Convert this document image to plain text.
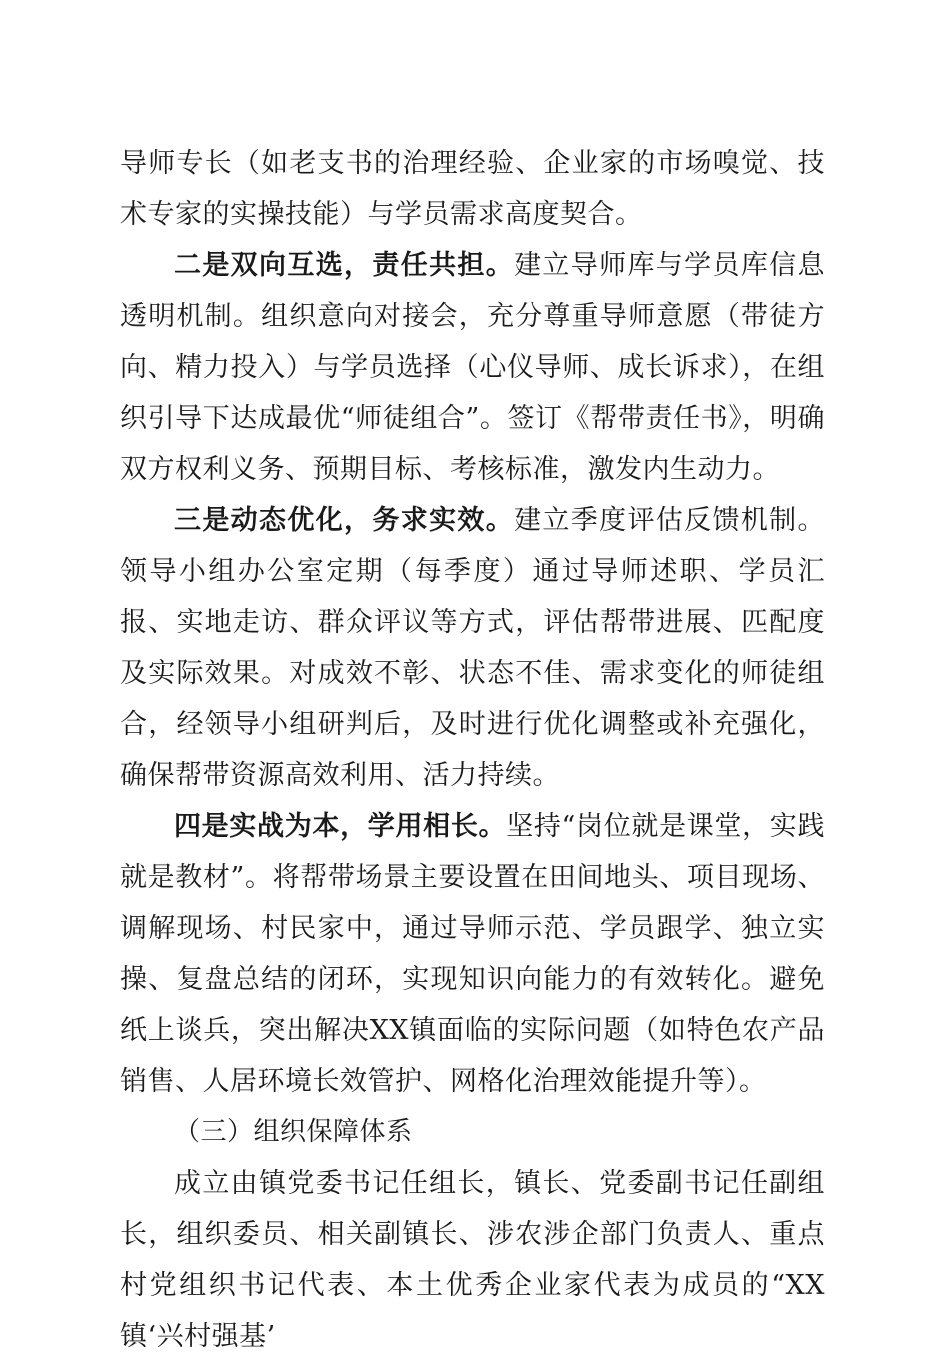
导师专长（如老支书的治理经验、企业家的市场嗅觉、技术专家的实操技能）与学员需求高度契合。

二是双向互选，责任共担。建立导师库与学员库信息透明机制。组织意向对接会，充分尊重导师意愿（带徒方向、精力投入）与学员选择（心仪导师、成长诉求），在组织引导下达成最优“师徒组合”。签订《帮带责任书》，明确双方权利义务、预期目标、考核标准，激发内生动力。

三是动态优化，务求实效。建立季度评估反馈机制。领导小组办公室定期（每季度）通过导师述职、学员汇报、实地走访、群众评议等方式，评估帮带进展、匹配度及实际效果。对成效不彰、状态不佳、需求变化的师徒组合，经领导小组研判后，及时进行优化调整或补充强化，确保帮带资源高效利用、活力持续。

四是实战为本，学用相长。坚持“岗位就是课堂，实践就是教材”。将帮带场景主要设置在田间地头、项目现场、调解现场、村民家中，通过导师示范、学员跟学、独立实操、复盘总结的闭环，实现知识向能力的有效转化。避免纸上谈兵，突出解决XX镇面临的实际问题（如特色农产品销售、人居环境长效管护、网格化治理效能提升等）。

（三）组织保障体系

成立由镇党委书记任组长，镇长、党委副书记任副组长，组织委员、相关副镇长、涉农涉企部门负责人、重点村党组织书记代表、本土优秀企业家代表为成员的“XX镇‘兴村强基’
